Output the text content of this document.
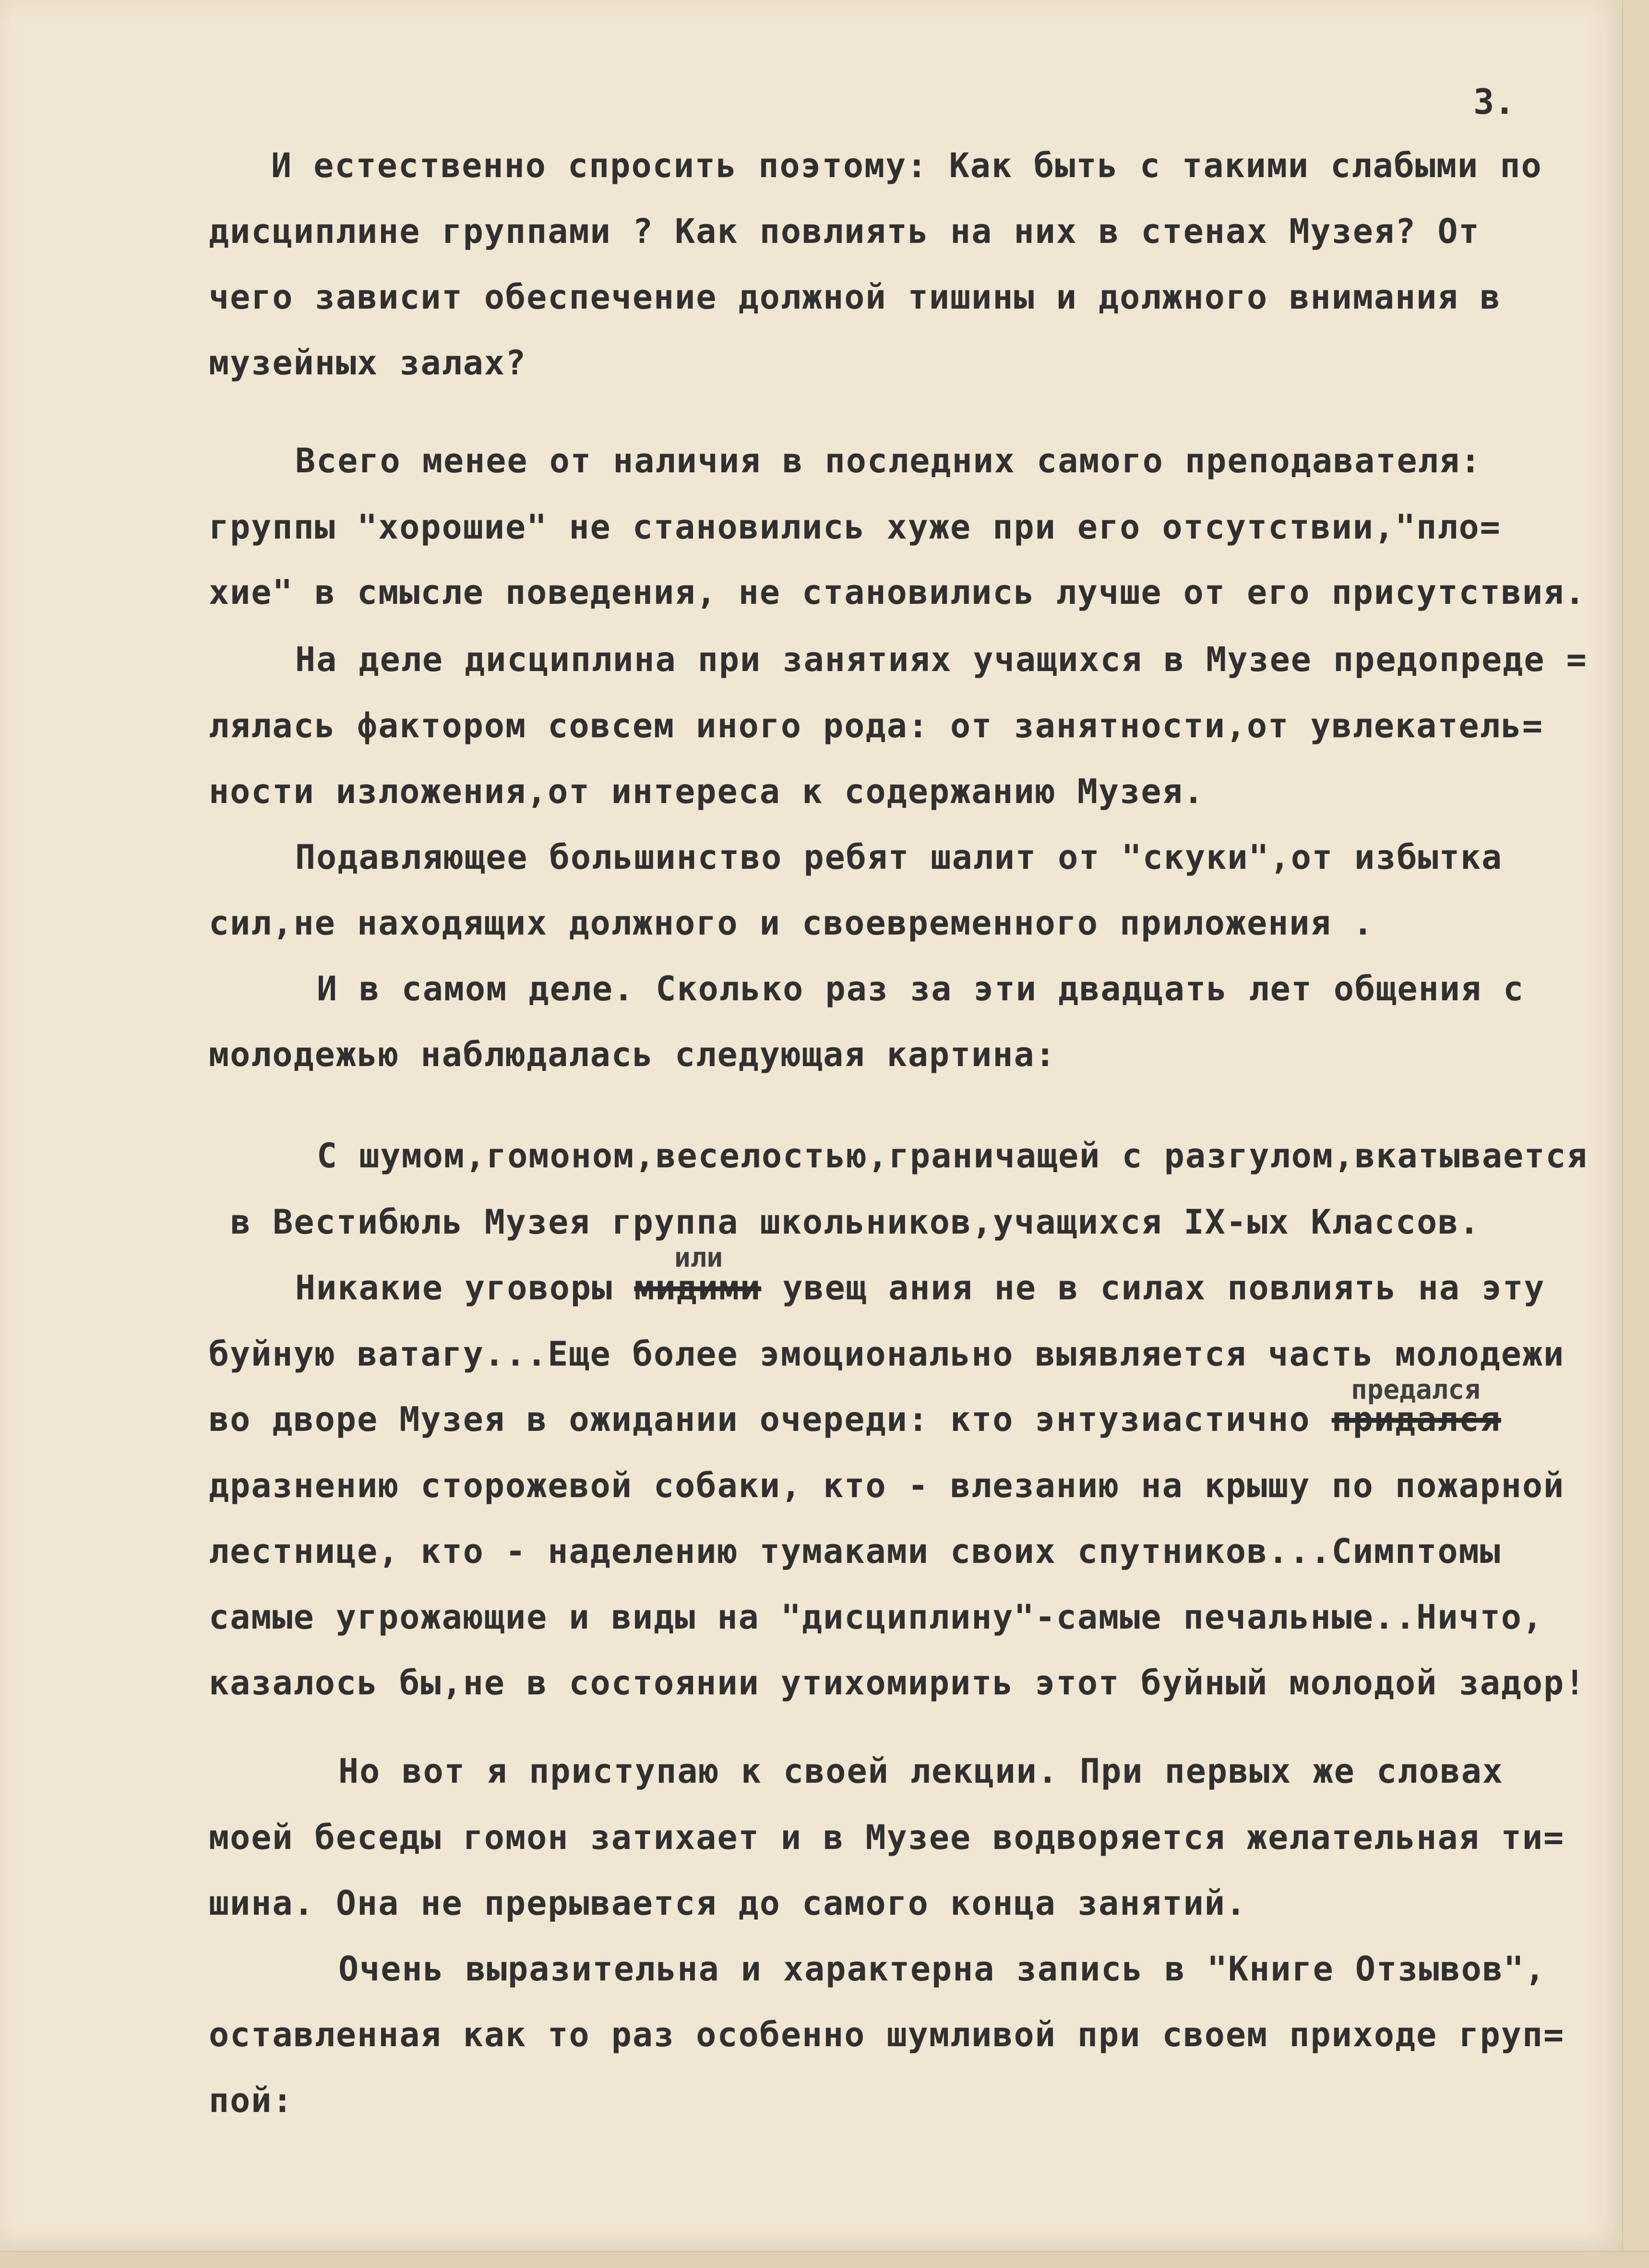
3.
И естественно спросить поэтому: Как быть с такими слабыми по
дисциплине группами ? Как повлиять на них в стенах Музея? От
чего зависит обеспечение должной тишины и должного внимания в
музейных залах?
Всего менее от наличия в последних самого преподавателя:
группы "хорошие" не становились хуже при его отсутствии,"пло=
хие" в смысле поведения, не становились лучше от его присутствия.
На деле дисциплина при занятиях учащихся в Музее предопреде =
лялась фактором совсем иного рода: от занятности,от увлекатель=
ности изложения,от интереса к содержанию Музея.
Подавляющее большинство ребят шалит от "скуки",от избытка
сил,не находящих должного и своевременного приложения .
И в самом деле. Сколько раз за эти двадцать лет общения с
молодежью наблюдалась следующая картина:
С шумом,гомоном,веселостью,граничащей с разгулом,вкатывается
в Вестибюль Музея группа школьников,учащихся IX-ых Классов.
или
Никакие уговоры мидими увещ ания не в силах повлиять на эту
буйную ватагу...Еще более эмоционально выявляется часть молодежи
предался
во дворе Музея в ожидании очереди: кто энтузиастично придался
дразнению сторожевой собаки, кто - влезанию на крышу по пожарной
лестнице, кто - наделению тумаками своих спутников...Симптомы
самые угрожающие и виды на "дисциплину"-самые печальные..Ничто,
казалось бы,не в состоянии утихомирить этот буйный молодой задор!
Но вот я приступаю к своей лекции. При первых же словах
моей беседы гомон затихает и в Музее водворяется желательная ти=
шина. Она не прерывается до самого конца занятий.
Очень выразительна и характерна запись в "Книге Отзывов",
оставленная как то раз особенно шумливой при своем приходе груп=
пой:
